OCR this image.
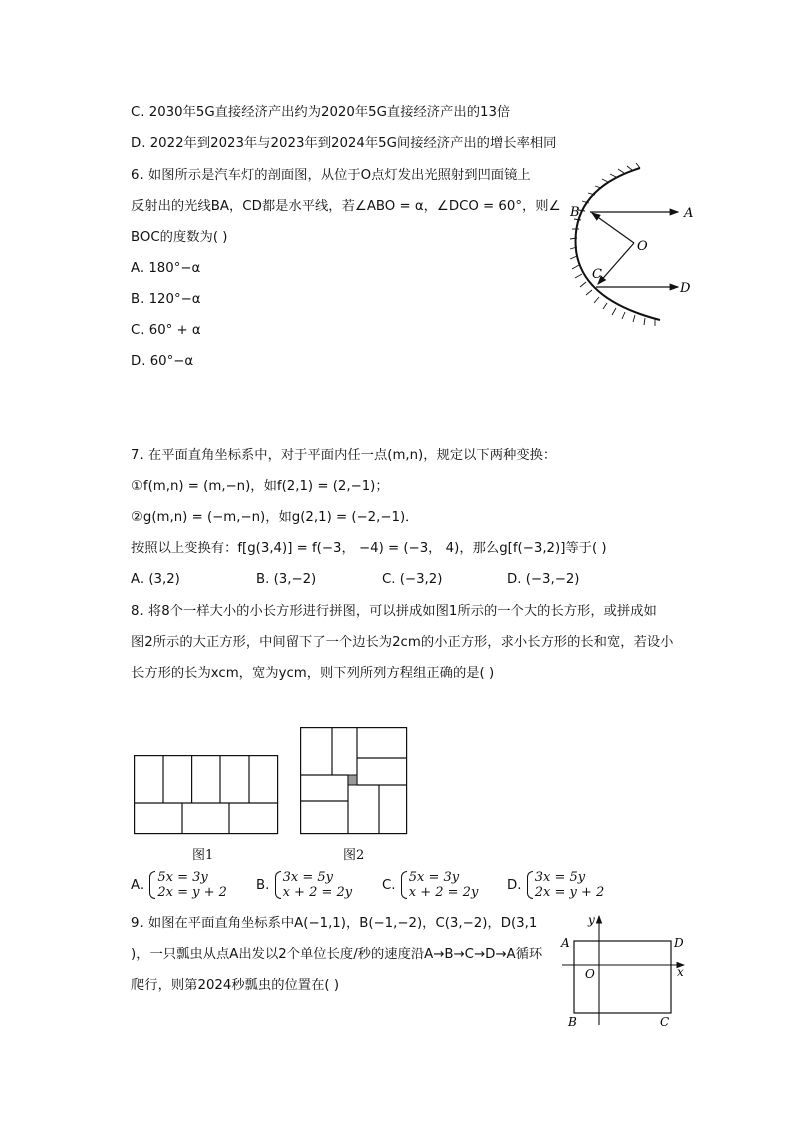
C. 2030年5G直接经济产出约为2020年5G直接经济产出的13倍
D. 2022年到2023年与2023年到2024年5G间接经济产出的增长率相同
6. 如图所示是汽车灯的剖面图，从位于O点灯发出光照射到凹面镜上
反射出的光线BA，CD都是水平线，若∠ABO = α，∠DCO = 60°，则∠
BOC的度数为( )
A. 180°−α
B. 120°−α
C. 60° + α
D. 60°−α
B	A
O
C
D
7. 在平面直角坐标系中，对于平面内任一点(m,n)，规定以下两种变换：
①f(m,n) = (m,−n)，如f(2,1) = (2,−1)；
②g(m,n) = (−m,−n)，如g(2,1) = (−2,−1)．
按照以上变换有：f[g(3,4)] = f(−3， −4) = (−3， 4)，那么g[f(−3,2)]等于( )
A. (3,2)	B. (3,−2)	C. (−3,2)	D. (−3,−2)
8. 将8个一样大小的小长方形进行拼图，可以拼成如图1所示的一个大的长方形，或拼成如
图2所示的大正方形，中间留下了一个边长为2cm的小正方形，求小长方形的长和宽，若设小
长方形的长为xcm，宽为ycm，则下列所列方程组正确的是( )
图1	图2
A. 5x = 3y
2x = y + 2 B. 3x = 5y
x + 2 = 2y C. 5x = 3y
x + 2 = 2y D. 3x = 5y
2x = y + 2
9. 如图在平面直角坐标系中A(−1,1)，B(−1,−2)，C(3,−2)，D(3,1
)，一只瓢虫从点A出发以2个单位长度/秒的速度沿A→B→C→D→A循环
爬行，则第2024秒瓢虫的位置在( )
y
x
O
A	D
B	C
